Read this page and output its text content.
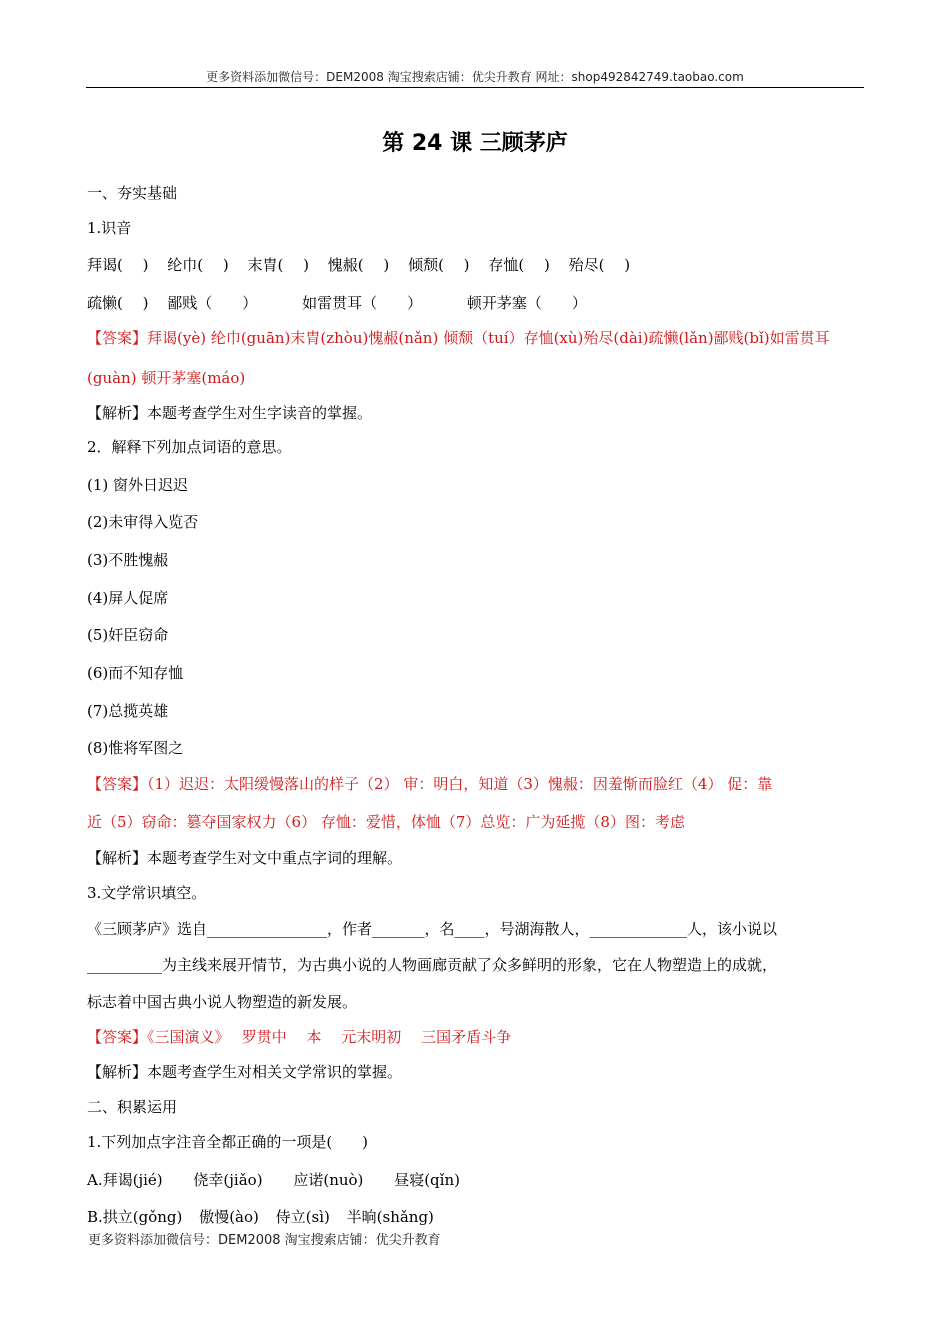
更多资料添加微信号：DEM2008 淘宝搜索店铺：优尖升教育 网址：shop492842749.taobao.com
第 24 课 三顾茅庐
一、夯实基础
1.识音
拜谒(　 ) 纶巾(　 ) 末胄(　 ) 愧赧(　 ) 倾颓(　 ) 存恤(　 ) 殆尽(　 )
疏懒(　 ) 鄙贱（　　）	如雷贯耳（　　）	顿开茅塞（　　）
【答案】拜谒(yè) 纶巾(guān)末胄(zhòu)愧赧(nǎn) 倾颓（tuí）存恤(xù)殆尽(dài)疏懒(lǎn)鄙贱(bǐ)如雷贯耳
(guàn) 顿开茅塞(máo)
【解析】本题考查学生对生字读音的掌握。
2．解释下列加点词语的意思。
(1) 窗外日迟迟
(2)未审得入览否
(3)不胜愧赧
(4)屏人促席
(5)奸臣窃命
(6)而不知存恤
(7)总揽英雄
(8)惟将军图之
【答案】（1）迟迟：太阳缓慢落山的样子（2） 审：明白，知道（3）愧赧：因羞惭而脸红（4） 促：靠
近（5）窃命：篡夺国家权力（6） 存恤：爱惜，体恤（7）总览：广为延揽（8）图：考虑
【解析】本题考查学生对文中重点字词的理解。
3.文学常识填空。
《三顾茅庐》选自________________，作者_______，名____，号湖海散人，_____________人，该小说以
__________为主线来展开情节，为古典小说的人物画廊贡献了众多鲜明的形象，它在人物塑造上的成就，
标志着中国古典小说人物塑造的新发展。
【答案】《三国演义》　 罗贯中　 本　 元末明初　 三国矛盾斗争
【解析】本题考查学生对相关文学常识的掌握。
二、积累运用
1.下列加点字注音全都正确的一项是(　　)
A.拜谒(jié) 侥幸(jiǎo) 应诺(nuò) 昼寝(qǐn)
B.拱立(gǒng) 傲慢(ào) 侍立(sì) 半晌(shǎng)
更多资料添加微信号：DEM2008 淘宝搜索店铺：优尖升教育
